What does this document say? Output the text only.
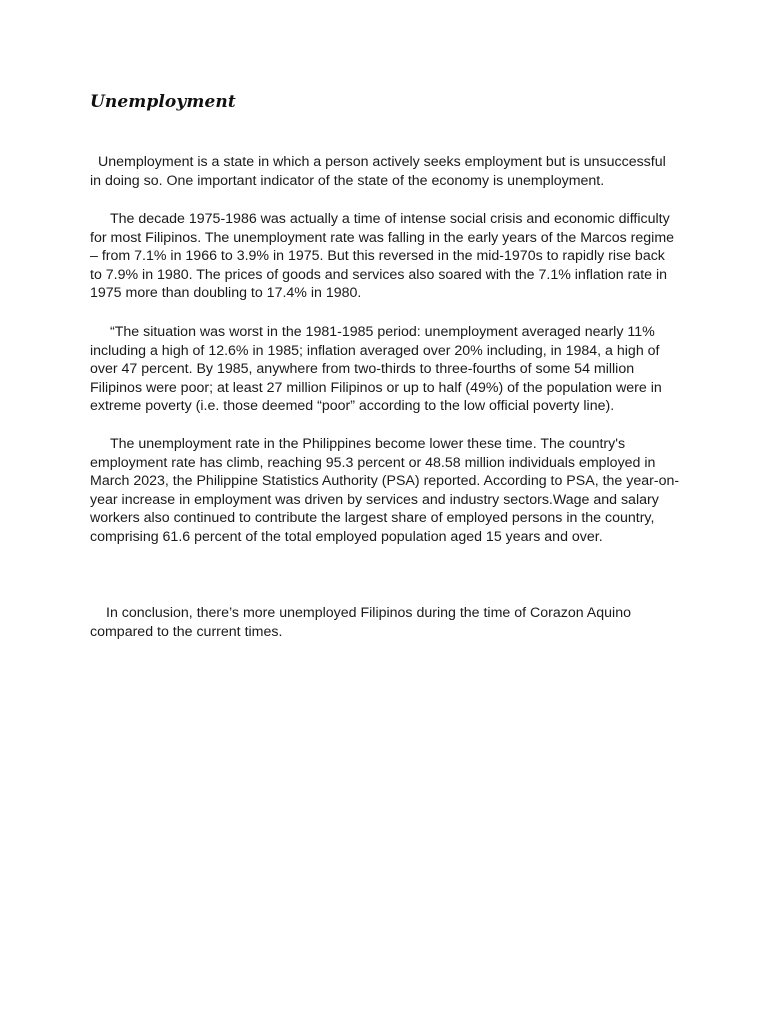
Unemployment

Unemployment is a state in which a person actively seeks employment but is unsuccessful in doing so. One important indicator of the state of the economy is unemployment.

The decade 1975-1986 was actually a time of intense social crisis and economic difficulty for most Filipinos. The unemployment rate was falling in the early years of the Marcos regime – from 7.1% in 1966 to 3.9% in 1975. But this reversed in the mid-1970s to rapidly rise back to 7.9% in 1980. The prices of goods and services also soared with the 7.1% inflation rate in 1975 more than doubling to 17.4% in 1980.

“The situation was worst in the 1981-1985 period: unemployment averaged nearly 11% including a high of 12.6% in 1985; inflation averaged over 20% including, in 1984, a high of over 47 percent. By 1985, anywhere from two-thirds to three-fourths of some 54 million Filipinos were poor; at least 27 million Filipinos or up to half (49%) of the population were in extreme poverty (i.e. those deemed “poor” according to the low official poverty line).

The unemployment rate in the Philippines become lower these time. The country's employment rate has climb, reaching 95.3 percent or 48.58 million individuals employed in March 2023, the Philippine Statistics Authority (PSA) reported. According to PSA, the year-on-year increase in employment was driven by services and industry sectors.Wage and salary workers also continued to contribute the largest share of employed persons in the country, comprising 61.6 percent of the total employed population aged 15 years and over.

In conclusion, there’s more unemployed Filipinos during the time of Corazon Aquino compared to the current times.
